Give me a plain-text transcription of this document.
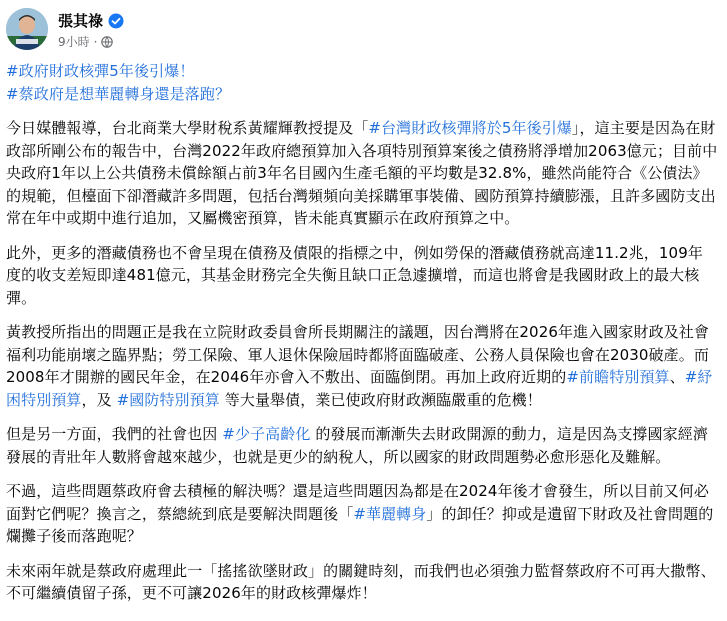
張其祿
9小時 ·

#政府財政核彈5年後引爆！
#蔡政府是想華麗轉身還是落跑？

今日媒體報導，台北商業大學財稅系黃耀輝教授提及「#台灣財政核彈將於5年後引爆」，這主要是因為在財政部所剛公布的報告中，台灣2022年政府總預算加入各項特別預算案後之債務將淨增加2063億元；目前中央政府1年以上公共債務未償餘額占前3年名目國內生產毛額的平均數是32.8%，雖然尚能符合《公債法》的規範，但檯面下卻潛藏許多問題，包括台灣頻頻向美採購軍事裝備、國防預算持續膨漲，且許多國防支出常在年中或期中進行追加，又屬機密預算，皆未能真實顯示在政府預算之中。

此外，更多的潛藏債務也不會呈現在債務及債限的指標之中，例如勞保的潛藏債務就高達11.2兆，109年度的收支差短即達481億元，其基金財務完全失衡且缺口正急遽擴增，而這也將會是我國財政上的最大核彈。

黃教授所指出的問題正是我在立院財政委員會所長期關注的議題，因台灣將在2026年進入國家財政及社會福利功能崩壞之臨界點；勞工保險、軍人退休保險屆時都將面臨破產、公務人員保險也會在2030破產。而2008年才開辦的國民年金，在2046年亦會入不敷出、面臨倒閉。再加上政府近期的#前瞻特別預算、#紓困特別預算，及 #國防特別預算 等大量舉債，業已使政府財政瀕臨嚴重的危機！

但是另一方面，我們的社會也因 #少子高齡化 的發展而漸漸失去財政開源的動力，這是因為支撐國家經濟發展的青壯年人數將會越來越少，也就是更少的納稅人，所以國家的財政問題勢必愈形惡化及難解。

不過，這些問題蔡政府會去積極的解決嗎？還是這些問題因為都是在2024年後才會發生，所以目前又何必面對它們呢？換言之，蔡總統到底是要解決問題後「#華麗轉身」的卸任？抑或是遺留下財政及社會問題的爛攤子後而落跑呢？

未來兩年就是蔡政府處理此一「搖搖欲墜財政」的關鍵時刻，而我們也必須強力監督蔡政府不可再大撒幣、不可繼續債留子孫，更不可讓2026年的財政核彈爆炸！
